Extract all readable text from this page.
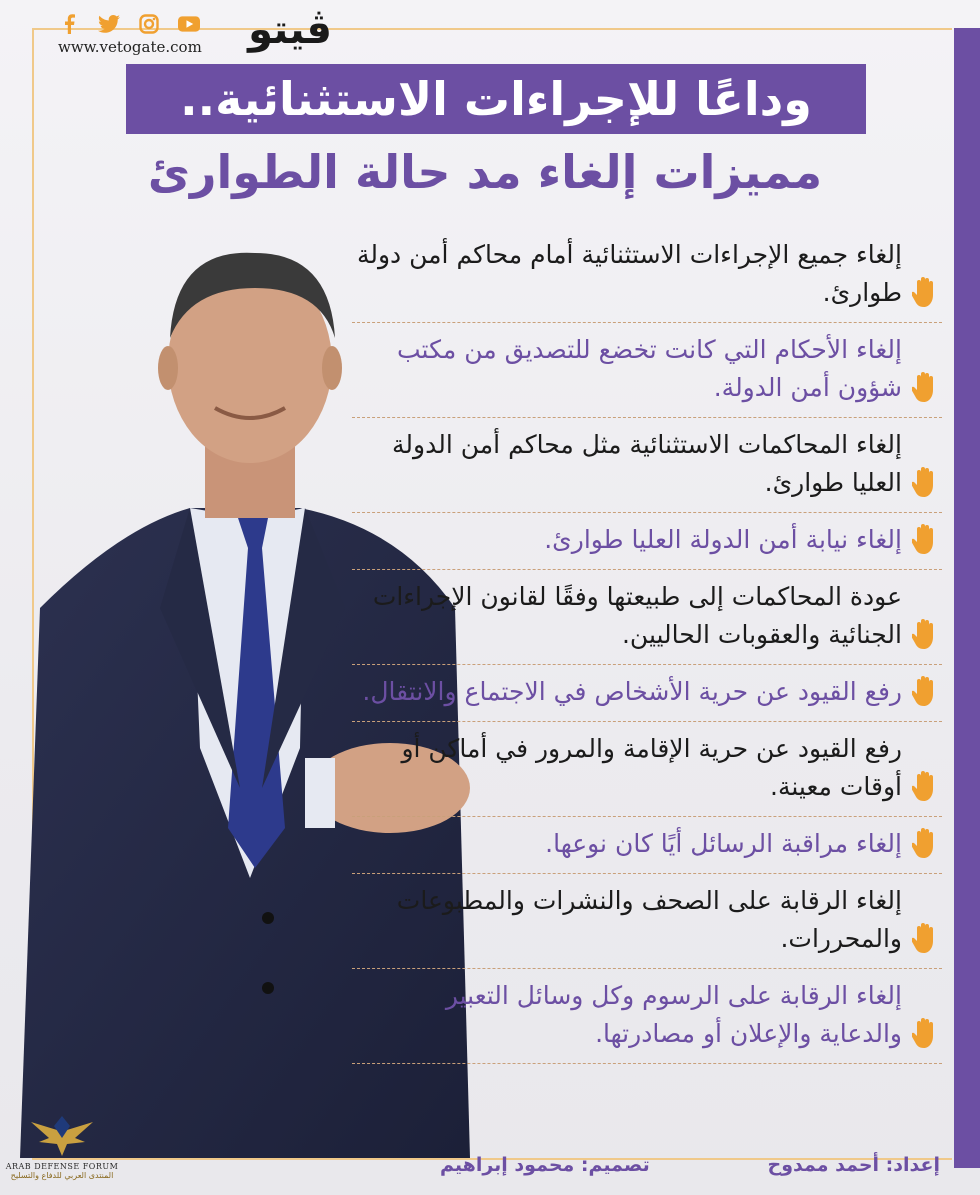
ڤيتو
www.vetogate.com
وداعًا للإجراءات الاستثنائية..
مميزات إلغاء مد حالة الطوارئ
إلغاء جميع الإجراءات الاستثنائية أمام محاكم أمن دولة طوارئ.
إلغاء الأحكام التي كانت تخضع للتصديق من مكتب شؤون أمن الدولة.
إلغاء المحاكمات الاستثنائية مثل محاكم أمن الدولة العليا طوارئ.
إلغاء نيابة أمن الدولة العليا طوارئ.
عودة المحاكمات إلى طبيعتها وفقًا لقانون الإجراءات الجنائية والعقوبات الحاليين.
رفع القيود عن حرية الأشخاص في الاجتماع والانتقال.
رفع القيود عن حرية الإقامة والمرور في أماكن أو أوقات معينة.
إلغاء مراقبة الرسائل أيًا كان نوعها.
إلغاء الرقابة على الصحف والنشرات والمطبوعات والمحررات.
إلغاء الرقابة على الرسوم وكل وسائل التعبير والدعاية والإعلان أو مصادرتها.
إعداد: أحمد ممدوح
تصميم: محمود إبراهيم
ARAB DEFENSE FORUM
المنتدى العربي للدفاع والتسليح
